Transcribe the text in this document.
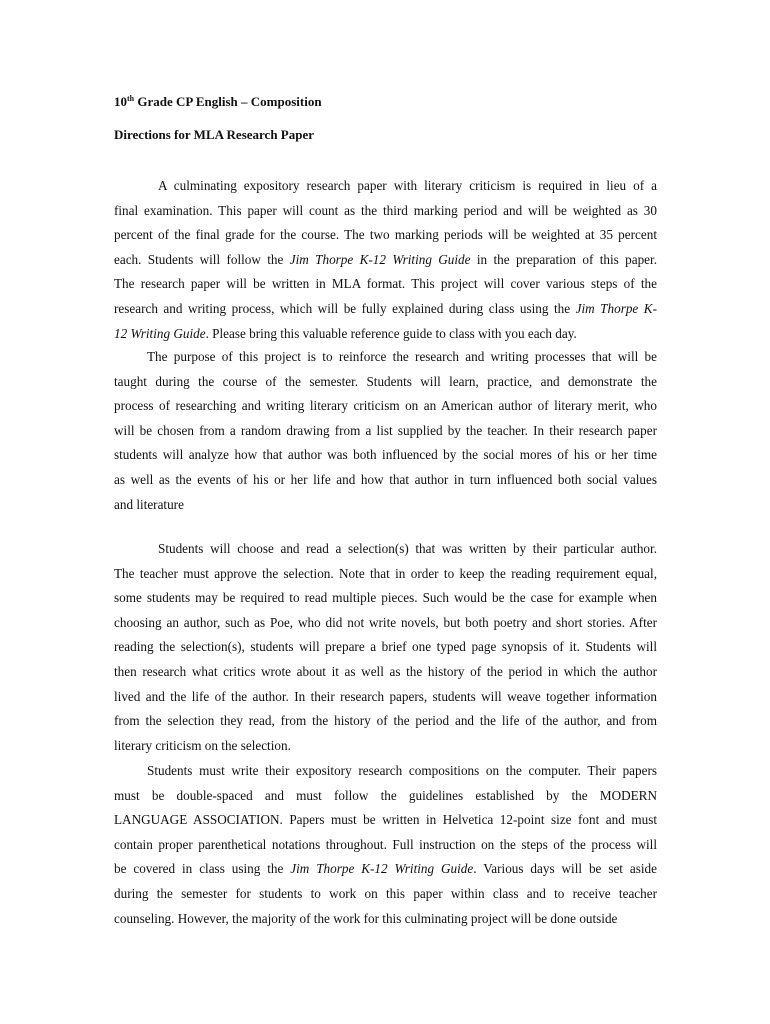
10th Grade CP English – Composition
Directions for MLA Research Paper
A culminating expository research paper with literary criticism is required in lieu of a
final examination. This paper will count as the third marking period and will be weighted as 30
percent of the final grade for the course. The two marking periods will be weighted at 35 percent
each. Students will follow the Jim Thorpe K-12 Writing Guide in the preparation of this paper.
The research paper will be written in MLA format. This project will cover various steps of the
research and writing process, which will be fully explained during class using the Jim Thorpe K-
12 Writing Guide. Please bring this valuable reference guide to class with you each day.
The purpose of this project is to reinforce the research and writing processes that will be
taught during the course of the semester. Students will learn, practice, and demonstrate the
process of researching and writing literary criticism on an American author of literary merit, who
will be chosen from a random drawing from a list supplied by the teacher. In their research paper
students will analyze how that author was both influenced by the social mores of his or her time
as well as the events of his or her life and how that author in turn influenced both social values
and literature
Students will choose and read a selection(s) that was written by their particular author.
The teacher must approve the selection. Note that in order to keep the reading requirement equal,
some students may be required to read multiple pieces. Such would be the case for example when
choosing an author, such as Poe, who did not write novels, but both poetry and short stories. After
reading the selection(s), students will prepare a brief one typed page synopsis of it. Students will
then research what critics wrote about it as well as the history of the period in which the author
lived and the life of the author. In their research papers, students will weave together information
from the selection they read, from the history of the period and the life of the author, and from
literary criticism on the selection.
Students must write their expository research compositions on the computer. Their papers
must be double-spaced and must follow the guidelines established by the MODERN
LANGUAGE ASSOCIATION. Papers must be written in Helvetica 12-point size font and must
contain proper parenthetical notations throughout. Full instruction on the steps of the process will
be covered in class using the Jim Thorpe K-12 Writing Guide. Various days will be set aside
during the semester for students to work on this paper within class and to receive teacher
counseling. However, the majority of the work for this culminating project will be done outside
